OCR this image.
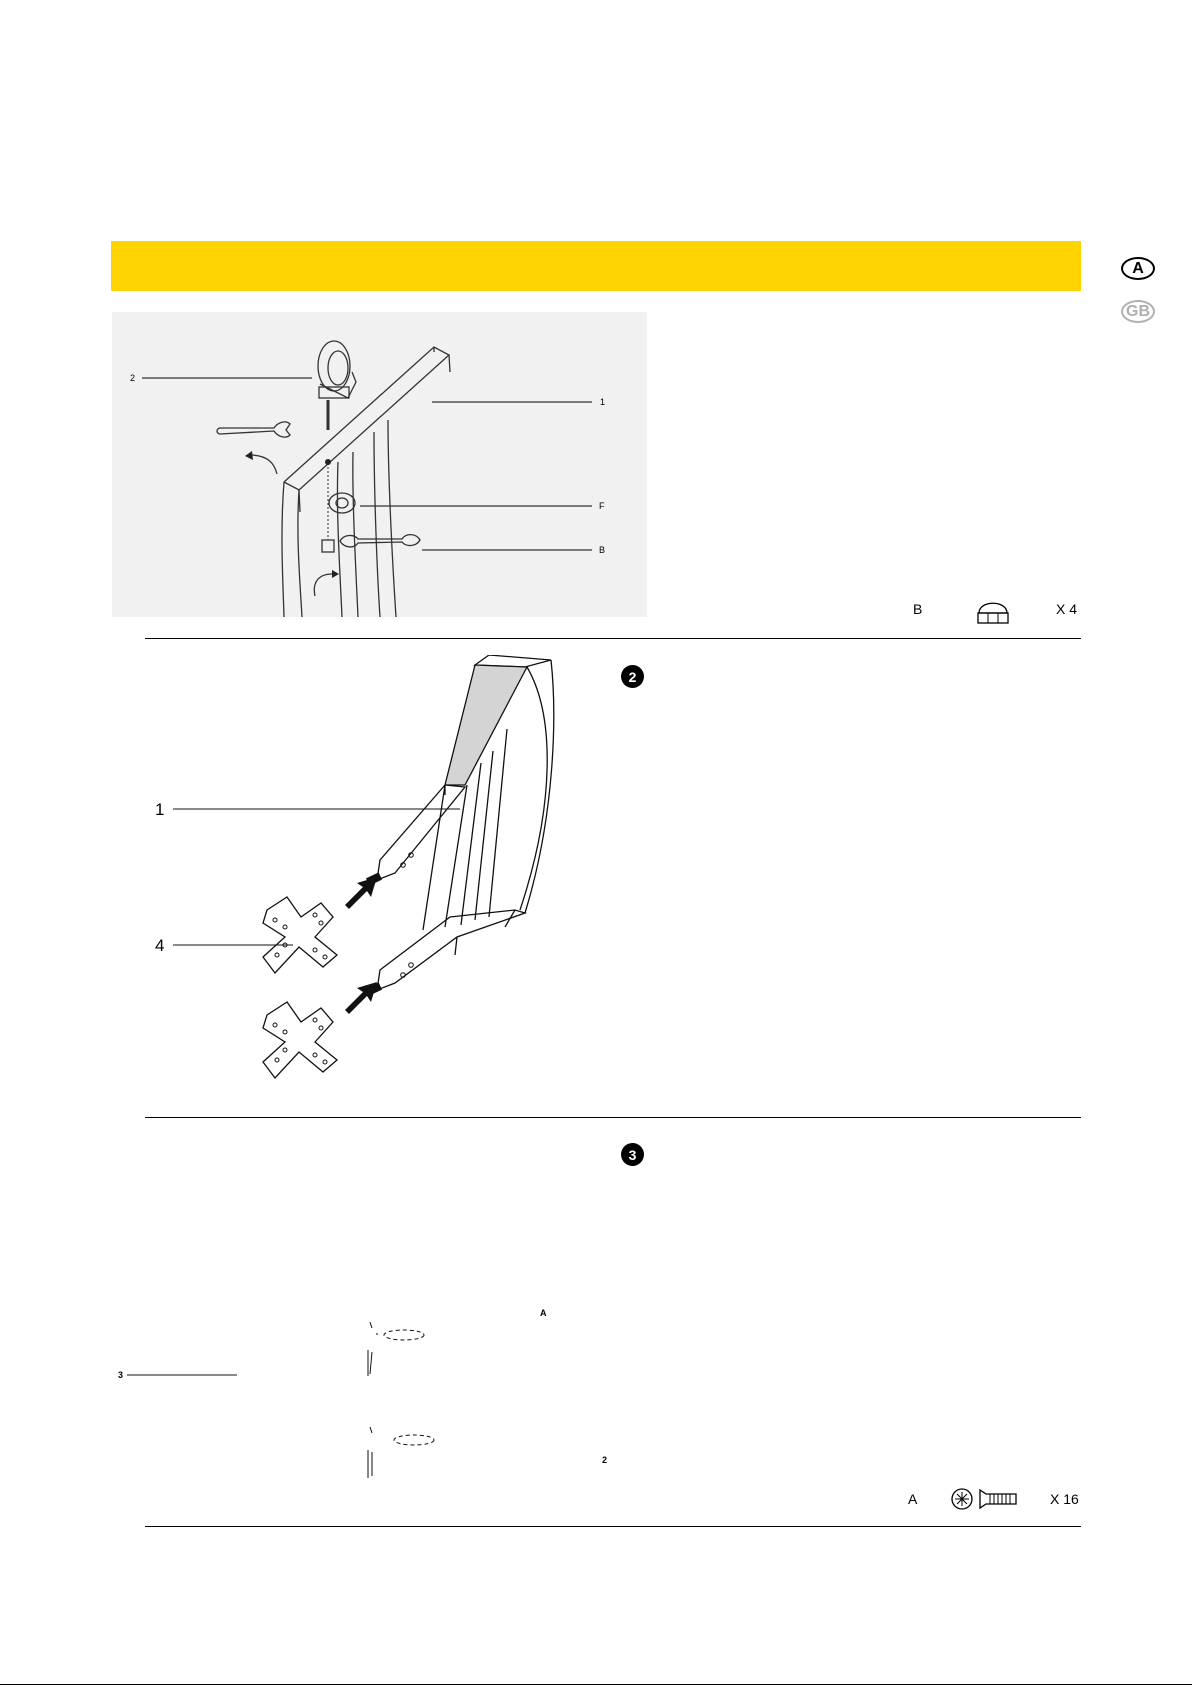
A
GB
2
1
F
B
B	X 4
2
1
4
3
3
A
2
A	X 16
